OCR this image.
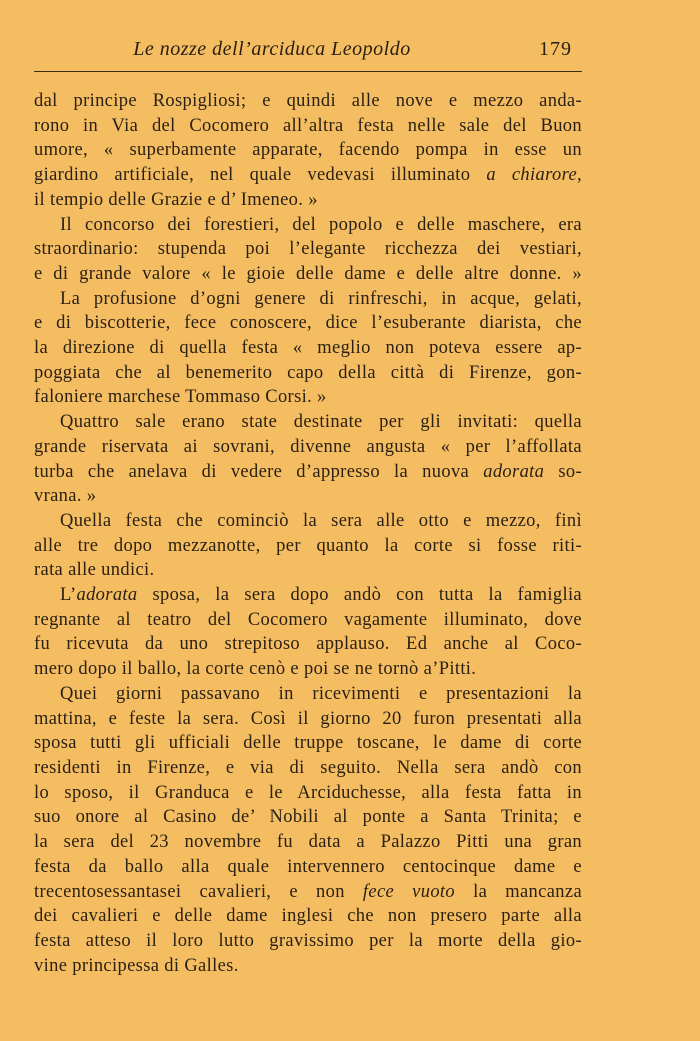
Le nozze dell’arciduca Leopoldo	179

dal principe Rospigliosi; e quindi alle nove e mezzo anda-

rono in Via del Cocomero all’altra festa nelle sale del Buon

umore, « superbamente apparate, facendo pompa in esse un

giardino artificiale, nel quale vedevasi illuminato a chiarore,

il tempio delle Grazie e d’ Imeneo. »

Il concorso dei forestieri, del popolo e delle maschere, era

straordinario: stupenda poi l’elegante ricchezza dei vestiari,

e di grande valore « le gioie delle dame e delle altre donne. »

La profusione d’ogni genere di rinfreschi, in acque, gelati,

e di biscotterie, fece conoscere, dice l’esuberante diarista, che

la direzione di quella festa « meglio non poteva essere ap-

poggiata che al benemerito capo della città di Firenze, gon-

faloniere marchese Tommaso Corsi. »

Quattro sale erano state destinate per gli invitati: quella

grande riservata ai sovrani, divenne angusta « per l’affollata

turba che anelava di vedere d’appresso la nuova adorata so-

vrana. »

Quella festa che cominciò la sera alle otto e mezzo, finì

alle tre dopo mezzanotte, per quanto la corte si fosse riti-

rata alle undici.

L’adorata sposa, la sera dopo andò con tutta la famiglia

regnante al teatro del Cocomero vagamente illuminato, dove

fu ricevuta da uno strepitoso applauso. Ed anche al Coco-

mero dopo il ballo, la corte cenò e poi se ne tornò a’Pitti.

Quei giorni passavano in ricevimenti e presentazioni la

mattina, e feste la sera. Così il giorno 20 furon presentati alla

sposa tutti gli ufficiali delle truppe toscane, le dame di corte

residenti in Firenze, e via di seguito. Nella sera andò con

lo sposo, il Granduca e le Arciduchesse, alla festa fatta in

suo onore al Casino de’ Nobili al ponte a Santa Trinita; e

la sera del 23 novembre fu data a Palazzo Pitti una gran

festa da ballo alla quale intervennero centocinque dame e

trecentosessantasei cavalieri, e non fece vuoto la mancanza

dei cavalieri e delle dame inglesi che non presero parte alla

festa atteso il loro lutto gravissimo per la morte della gio-

vine principessa di Galles.
